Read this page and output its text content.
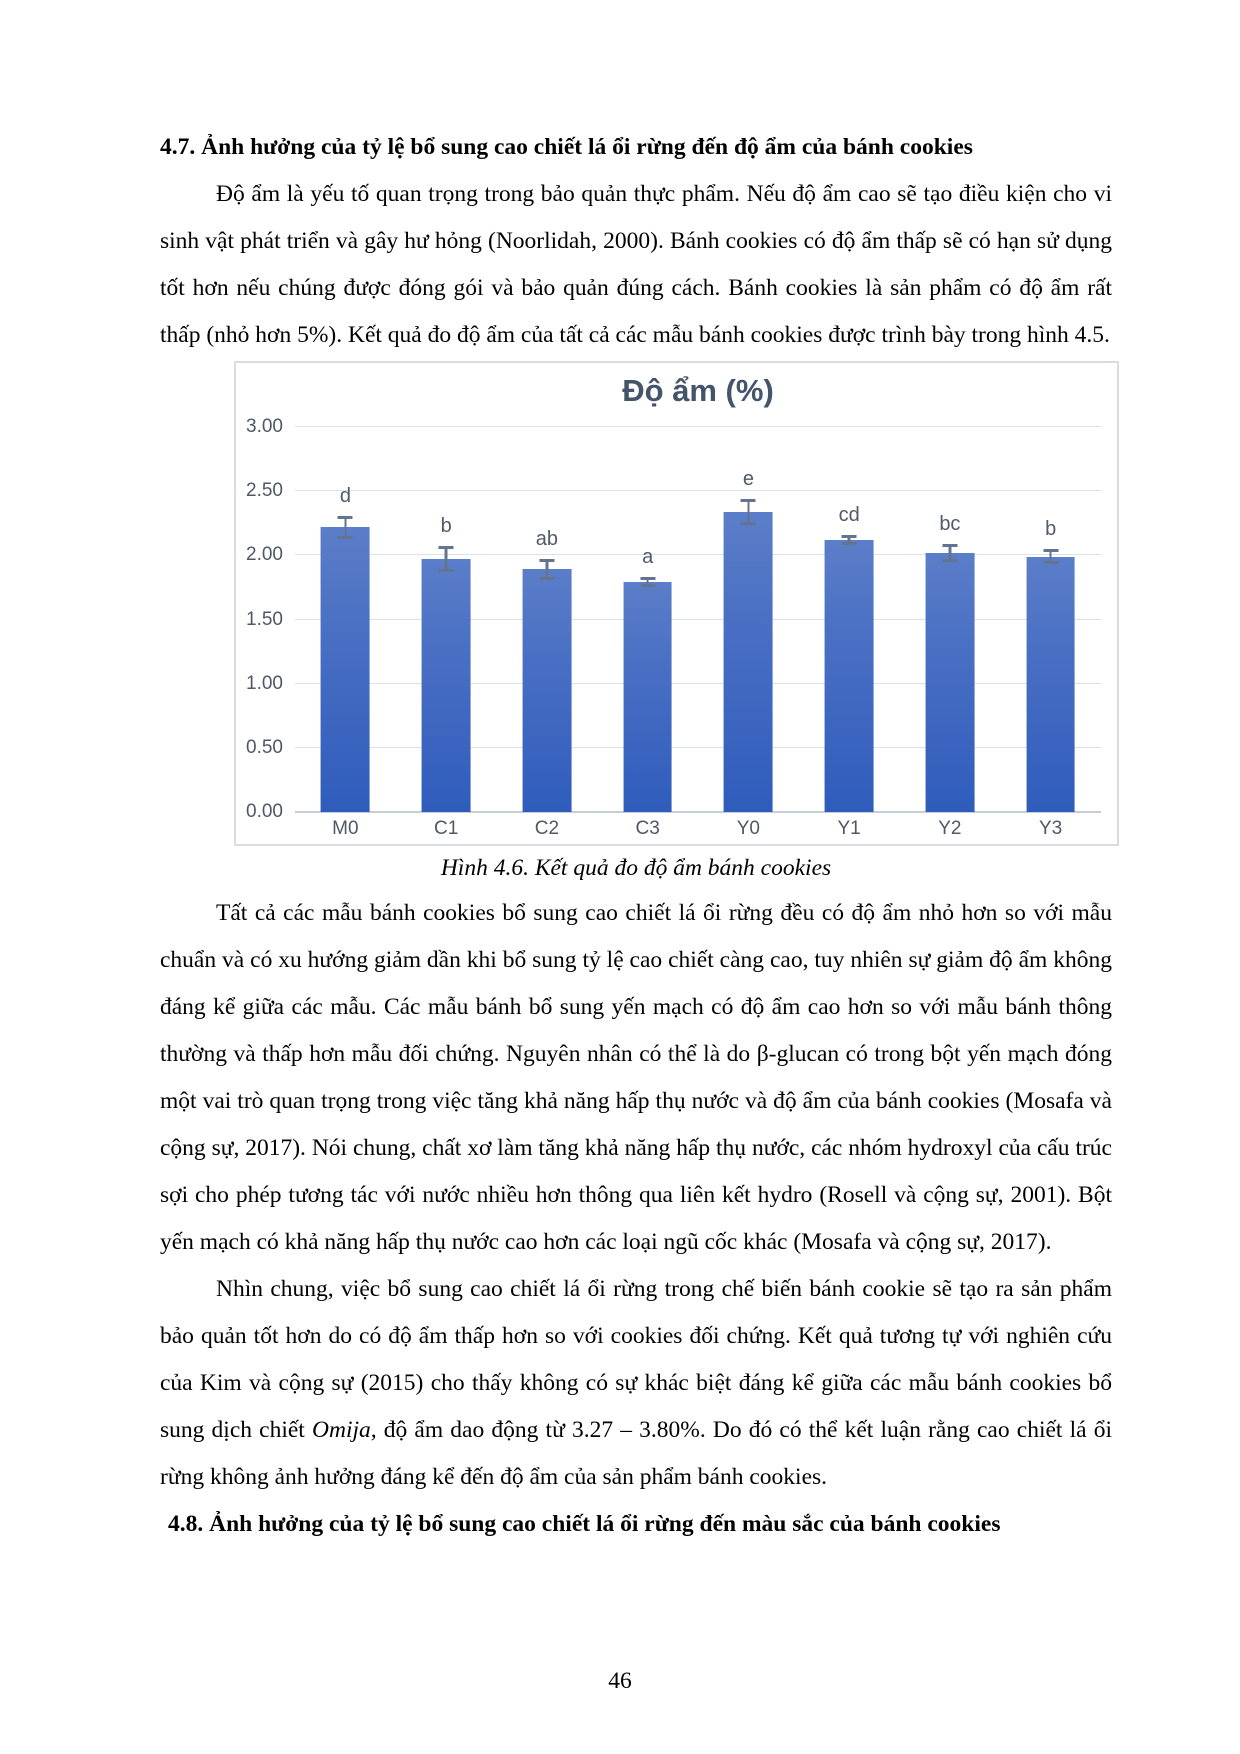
4.7. Ảnh hưởng của tỷ lệ bổ sung cao chiết lá ổi rừng đến độ ẩm của bánh cookies

Độ ẩm là yếu tố quan trọng trong bảo quản thực phẩm. Nếu độ ẩm cao sẽ tạo điều kiện cho vi sinh vật phát triển và gây hư hỏng (Noorlidah, 2000). Bánh cookies có độ ẩm thấp sẽ có hạn sử dụng tốt hơn nếu chúng được đóng gói và bảo quản đúng cách. Bánh cookies là sản phẩm có độ ẩm rất thấp (nhỏ hơn 5%). Kết quả đo độ ẩm của tất cả các mẫu bánh cookies được trình bày trong hình 4.5.

Độ ẩm (%)
3.00
2.50
2.00
1.50
1.00
0.50
0.00
d
b
ab
a
e
cd	bc	b
M0	C1	C2	C3	Y0	Y1	Y2	Y3
Hình 4.6. Kết quả đo độ ẩm bánh cookies

Tất cả các mẫu bánh cookies bổ sung cao chiết lá ổi rừng đều có độ ẩm nhỏ hơn so với mẫu chuẩn và có xu hướng giảm dần khi bổ sung tỷ lệ cao chiết càng cao, tuy nhiên sự giảm độ ẩm không đáng kể giữa các mẫu. Các mẫu bánh bổ sung yến mạch có độ ẩm cao hơn so với mẫu bánh thông thường và thấp hơn mẫu đối chứng. Nguyên nhân có thể là do β-glucan có trong bột yến mạch đóng một vai trò quan trọng trong việc tăng khả năng hấp thụ nước và độ ẩm của bánh cookies (Mosafa và cộng sự, 2017). Nói chung, chất xơ làm tăng khả năng hấp thụ nước, các nhóm hydroxyl của cấu trúc sợi cho phép tương tác với nước nhiều hơn thông qua liên kết hydro (Rosell và cộng sự, 2001). Bột yến mạch có khả năng hấp thụ nước cao hơn các loại ngũ cốc khác (Mosafa và cộng sự, 2017).

Nhìn chung, việc bổ sung cao chiết lá ổi rừng trong chế biến bánh cookie sẽ tạo ra sản phẩm bảo quản tốt hơn do có độ ẩm thấp hơn so với cookies đối chứng. Kết quả tương tự với nghiên cứu của Kim và cộng sự (2015) cho thấy không có sự khác biệt đáng kể giữa các mẫu bánh cookies bổ sung dịch chiết Omija, độ ẩm dao động từ 3.27 – 3.80%. Do đó có thể kết luận rằng cao chiết lá ổi rừng không ảnh hưởng đáng kể đến độ ẩm của sản phẩm bánh cookies.

4.8. Ảnh hưởng của tỷ lệ bổ sung cao chiết lá ổi rừng đến màu sắc của bánh cookies
46
